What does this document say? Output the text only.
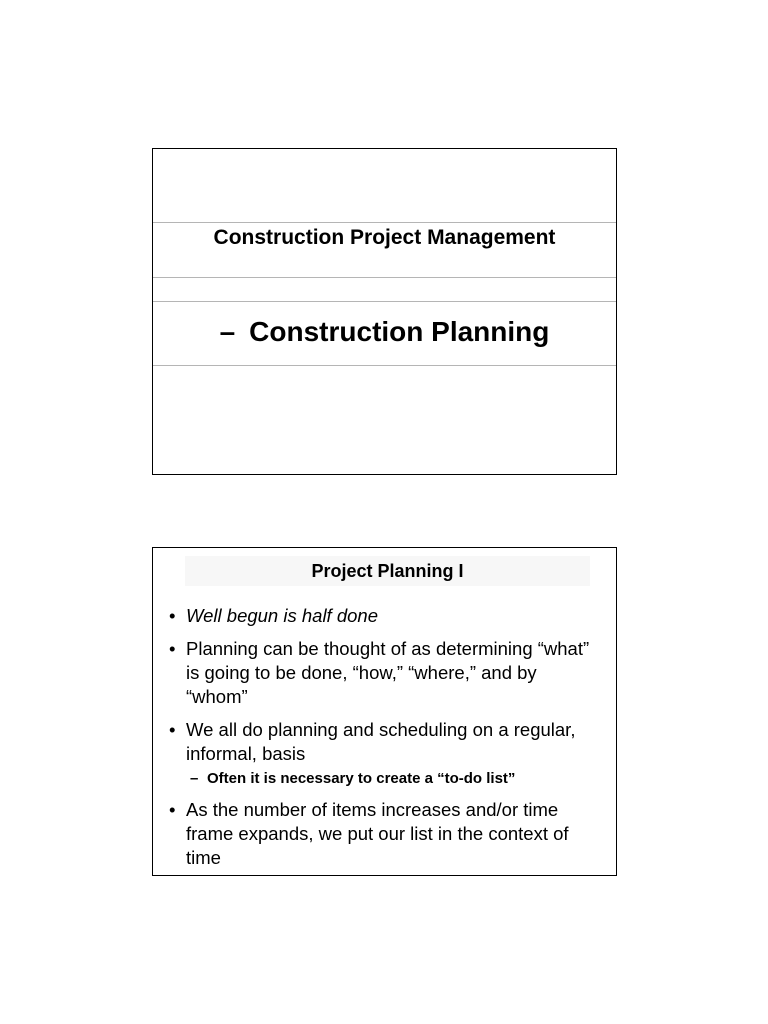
Construction Project Management
– Construction Planning
Project Planning I
• Well begun is half done
• Planning can be thought of as determining “what” is going to be done, “how,” “where,” and by “whom”
• We all do planning and scheduling on a regular, informal, basis
– Often it is necessary to create a “to-do list”
• As the number of items increases and/or time frame expands, we put our list in the context of time
